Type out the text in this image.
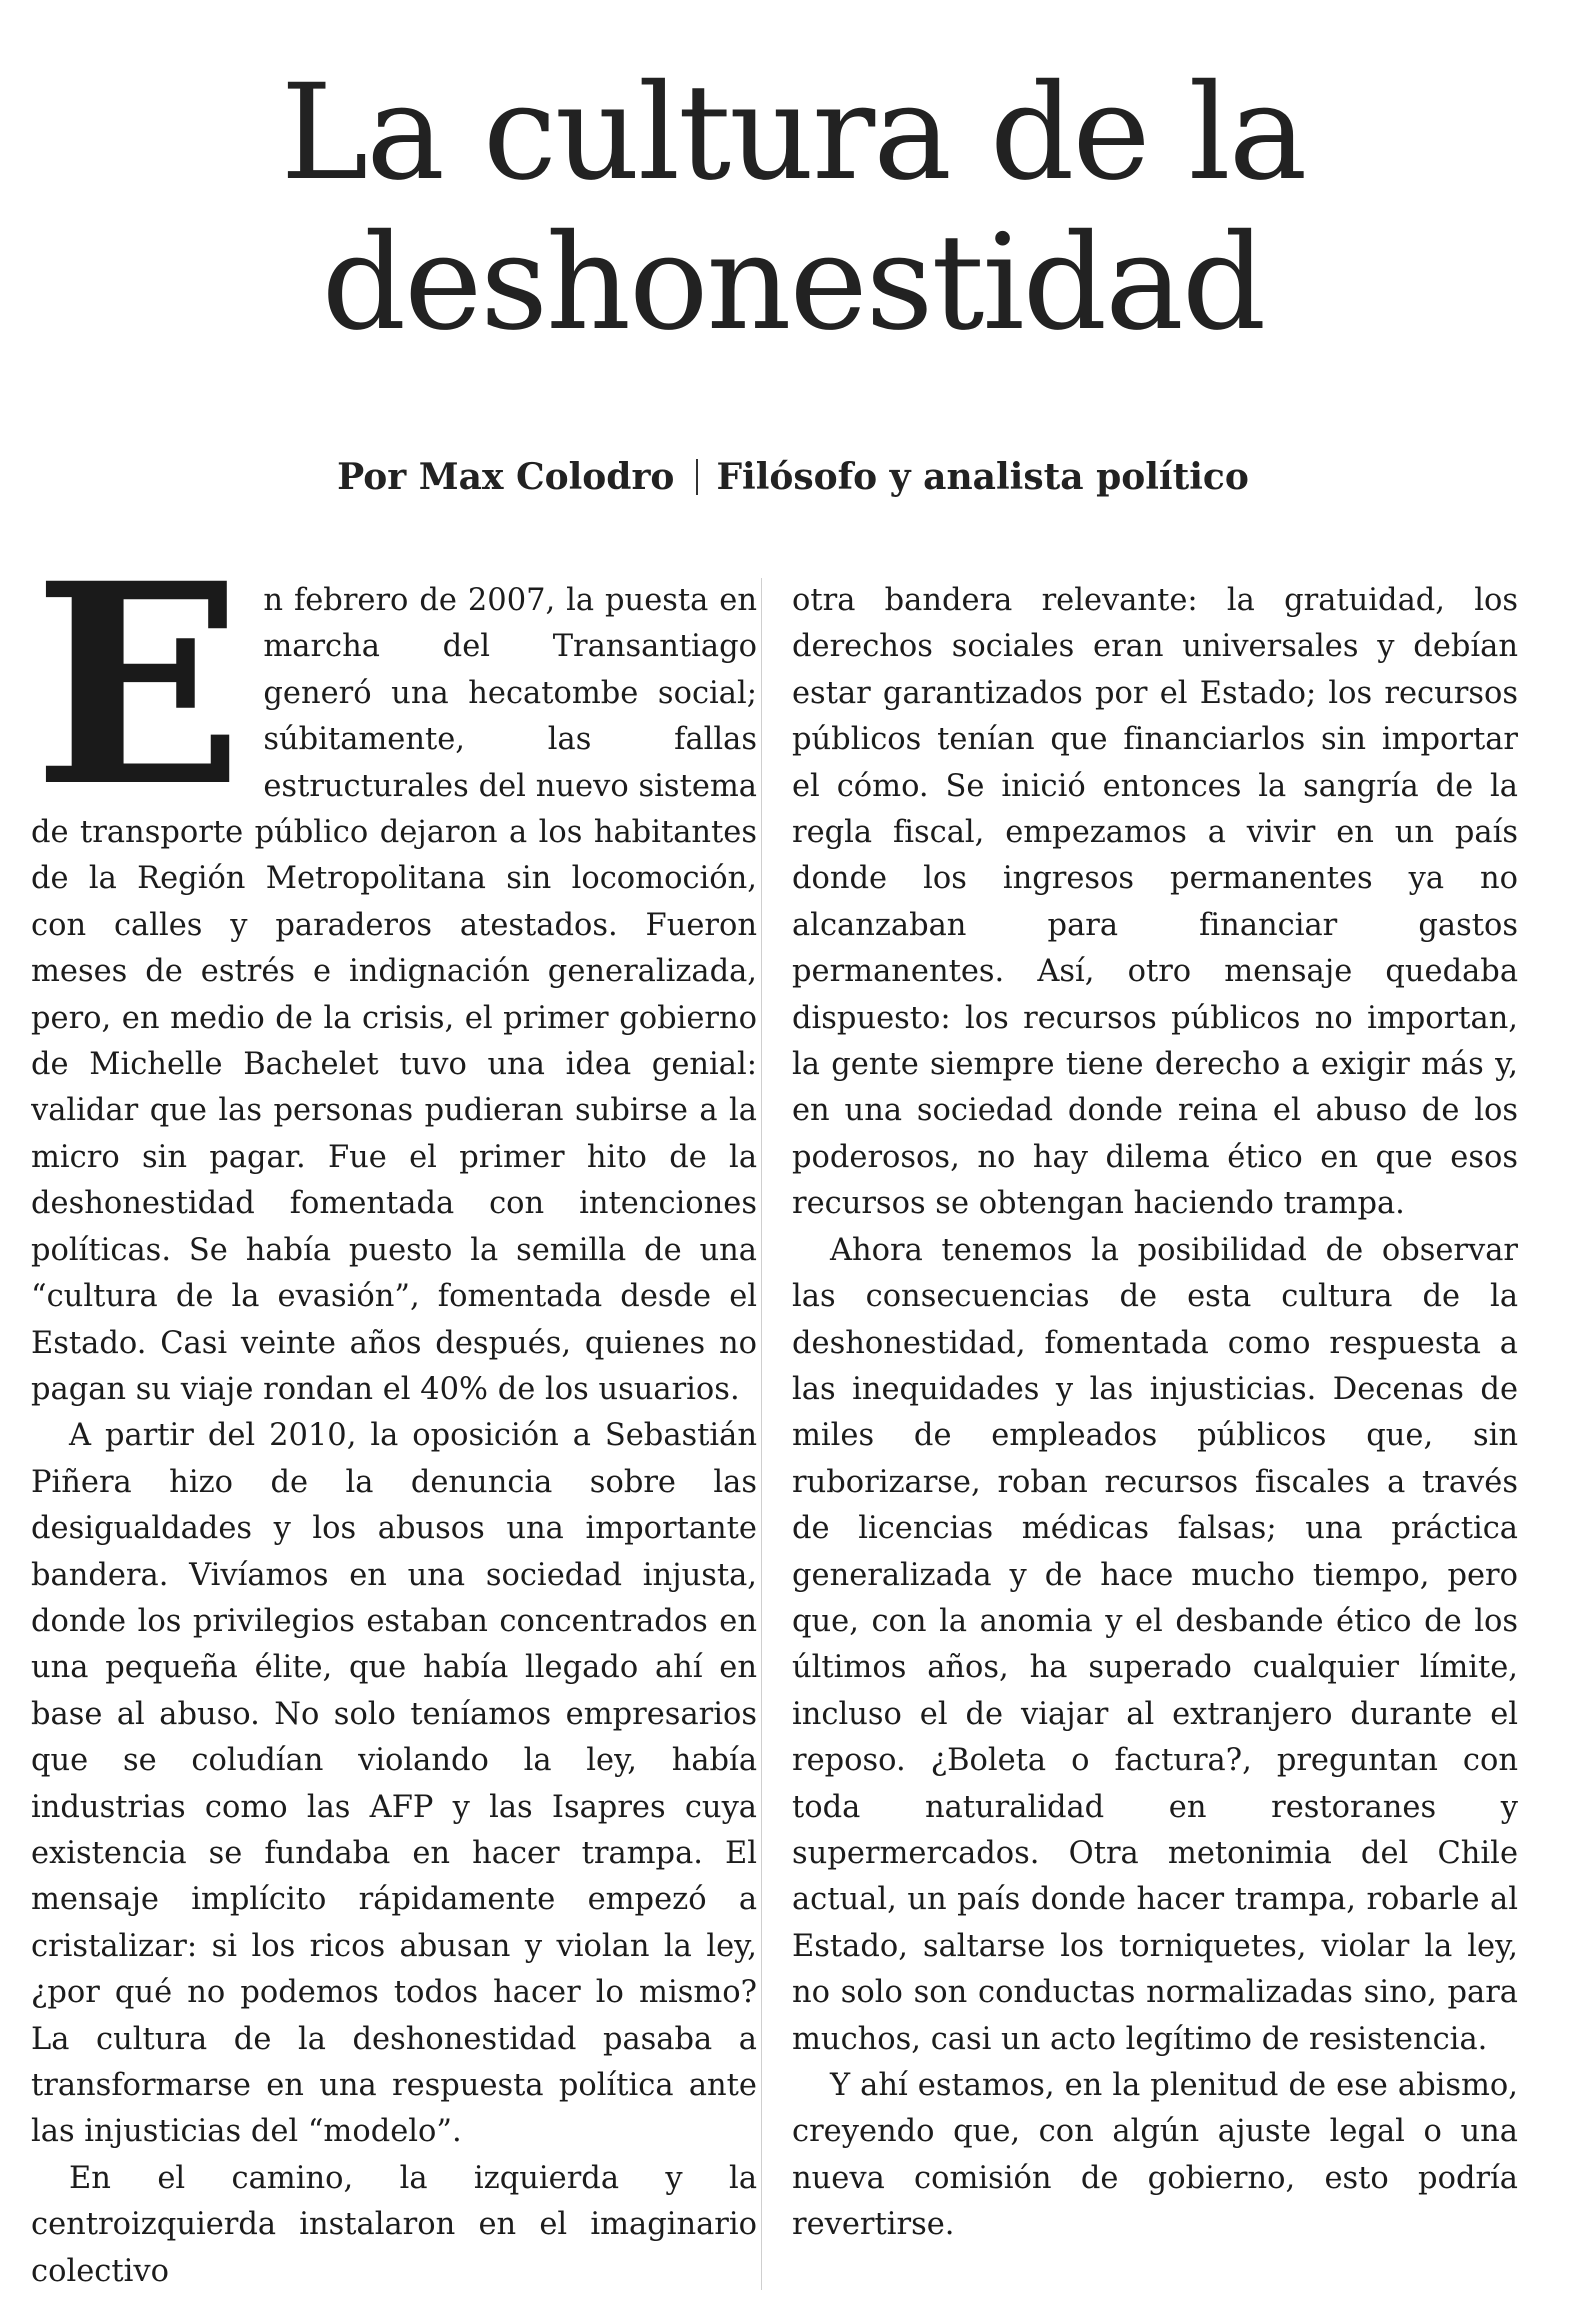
La cultura de la
deshonestidad
Por Max Colodro Filósofo y analista político

En febrero de 2007, la puesta en marcha del Transantiago generó una hecatombe social; súbitamente, las fallas estructurales del nuevo sistema de transporte público dejaron a los habitantes de la Región Metropolitana sin locomoción, con calles y paraderos atestados. Fueron meses de estrés e indignación generalizada, pero, en medio de la crisis, el primer gobierno de Michelle Bachelet tuvo una idea genial: validar que las personas pudieran subirse a la micro sin pagar. Fue el primer hito de la deshonestidad fomentada con intenciones políticas. Se había puesto la semilla de una “cultura de la evasión”, fomentada desde el Estado. Casi veinte años después, quienes no pagan su viaje rondan el 40% de los usuarios.

A partir del 2010, la oposición a Sebastián Piñera hizo de la denuncia sobre las desigualdades y los abusos una importante bandera. Vivíamos en una sociedad injusta, donde los privilegios estaban concentrados en una pequeña élite, que había llegado ahí en base al abuso. No solo teníamos empresarios que se coludían violando la ley, había industrias como las AFP y las Isapres cuya existencia se fundaba en hacer trampa. El mensaje implícito rápidamente empezó a cristalizar: si los ricos abusan y violan la ley, ¿por qué no podemos todos hacer lo mismo? La cultura de la deshonestidad pasaba a transformarse en una respuesta política ante las injusticias del “modelo”.

En el camino, la izquierda y la centroizquierda instalaron en el imaginario colectivo

otra bandera relevante: la gratuidad, los derechos sociales eran universales y debían estar garantizados por el Estado; los recursos públicos tenían que financiarlos sin importar el cómo. Se inició entonces la sangría de la regla fiscal, empezamos a vivir en un país donde los ingresos permanentes ya no alcanzaban para financiar gastos permanentes. Así, otro mensaje quedaba dispuesto: los recursos públicos no importan, la gente siempre tiene derecho a exigir más y, en una sociedad donde reina el abuso de los poderosos, no hay dilema ético en que esos recursos se obtengan haciendo trampa.

Ahora tenemos la posibilidad de observar las consecuencias de esta cultura de la deshonestidad, fomentada como respuesta a las inequidades y las injusticias. Decenas de miles de empleados públicos que, sin ruborizarse, roban recursos fiscales a través de licencias médicas falsas; una práctica generalizada y de hace mucho tiempo, pero que, con la anomia y el desbande ético de los últimos años, ha superado cualquier límite, incluso el de viajar al extranjero durante el reposo. ¿Boleta o factura?, preguntan con toda naturalidad en restoranes y supermercados. Otra metonimia del Chile actual, un país donde hacer trampa, robarle al Estado, saltarse los torniquetes, violar la ley, no solo son conductas normalizadas sino, para muchos, casi un acto legítimo de resistencia.

Y ahí estamos, en la plenitud de ese abismo, creyendo que, con algún ajuste legal o una nueva comisión de gobierno, esto podría revertirse.
